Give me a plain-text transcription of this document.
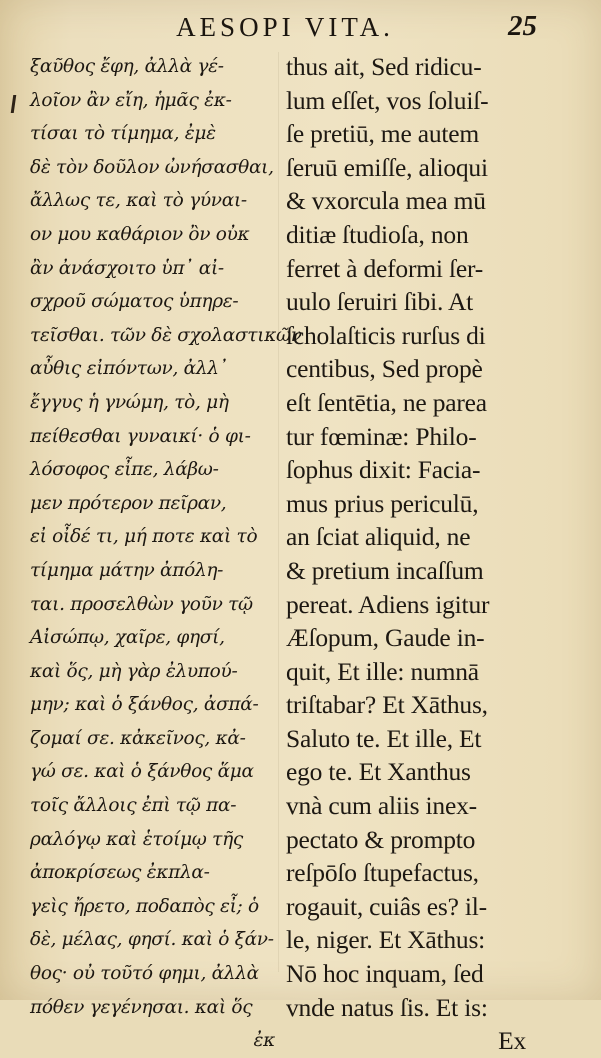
AESOPI VITA.	25
ξαῦθος ἔφη, ἀλλὰ γέ-
λοῖον ἂν εἴη, ἡμᾶς ἐκ-
τίσαι τὸ τίμημα, ἐμὲ
δὲ τὸν δοῦλον ὠνήσασθαι,
ἄλλως τε, καὶ τὸ γύναι-
ον μου καθάριον ὂν οὐκ
ἂν ἀνάσχοιτο ὑπ᾿ αἰ-
σχροῦ σώματος ὑπηρε-
τεῖσθαι. τῶν δὲ σχολαστικῶν
αὖθις εἰπόντων, ἀλλ᾿
ἔγγυς ἡ γνώμη, τὸ, μὴ
πείθεσθαι γυναικί· ὁ φι-
λόσοφος εἶπε, λάβω-
μεν πρότερον πεῖραν,
εἰ οἶδέ τι, μή ποτε καὶ τὸ
τίμημα μάτην ἀπόλη-
ται. προσελθὼν γοῦν τῷ
Αἰσώπῳ, χαῖρε, φησί,
καὶ ὅς, μὴ γὰρ ἐλυπού-
μην; καὶ ὁ ξάνθος, ἀσπά-
ζομαί σε. κἀκεῖνος, κἀ-
γώ σε. καὶ ὁ ξάνθος ἅμα
τοῖς ἄλλοις ἐπὶ τῷ πα-
ραλόγῳ καὶ ἑτοίμῳ τῆς
ἀποκρίσεως ἐκπλα-
γεὶς ἤρετο, ποδαπὸς εἶ; ὁ
δὲ, μέλας, φησί. καὶ ὁ ξάν-
θος· οὐ τοῦτό φημι, ἀλλὰ
πόθεν γεγένησαι. καὶ ὅς
ἐκ
thus ait, Sed ridicu-
lum eſſet, vos ſoluiſ-
ſe pretiū, me autem
ſeruū emiſſe, alioqui
& vxorcula mea mū
ditiæ ſtudioſa, non
ferret à deformi ſer-
uulo ſeruiri ſibi. At
ſcholaſticis rurſus di
centibus, Sed propè
eſt ſentētia, ne parea
tur fœminæ: Philo-
ſophus dixit: Facia-
mus prius periculū,
an ſciat aliquid, ne
& pretium incaſſum
pereat. Adiens igitur
Æſopum, Gaude in-
quit, Et ille: numnā
triſtabar? Et Xāthus,
Saluto te. Et ille, Et
ego te. Et Xanthus
vnà cum aliis inex-
pectato & prompto
reſpōſo ſtupefactus,
rogauit, cuiâs es? il-
le, niger. Et Xāthus:
Nō hoc inquam, ſed
vnde natus ſis. Et is:
Ex
